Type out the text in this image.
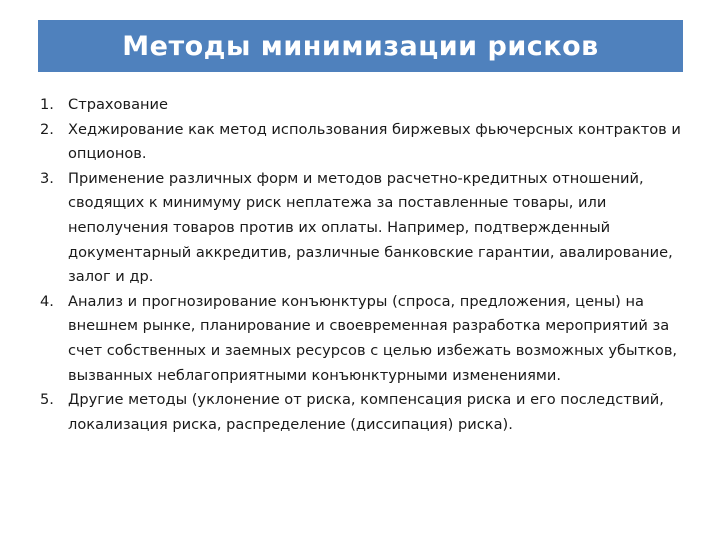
Методы минимизации рисков
1. Страхование
2. Хеджирование как метод использования биржевых фьючерсных контрактов и опционов.
3. Применение различных форм и методов расчетно-кредитных отношений, сводящих к минимуму риск неплатежа за поставленные товары, или неполучения товаров против их оплаты. Например, подтвержденный документарный аккредитив, различные банковские гарантии, авалирование, залог и др.
4. Анализ и прогнозирование конъюнктуры (спроса, предложения, цены) на внешнем рынке, планирование и своевременная разработка мероприятий за счет собственных и заемных ресурсов с целью избежать возможных убытков, вызванных неблагоприятными конъюнктурными изменениями.
5. Другие методы (уклонение от риска, компенсация риска и его последствий, локализация риска, распределение (диссипация) риска).
